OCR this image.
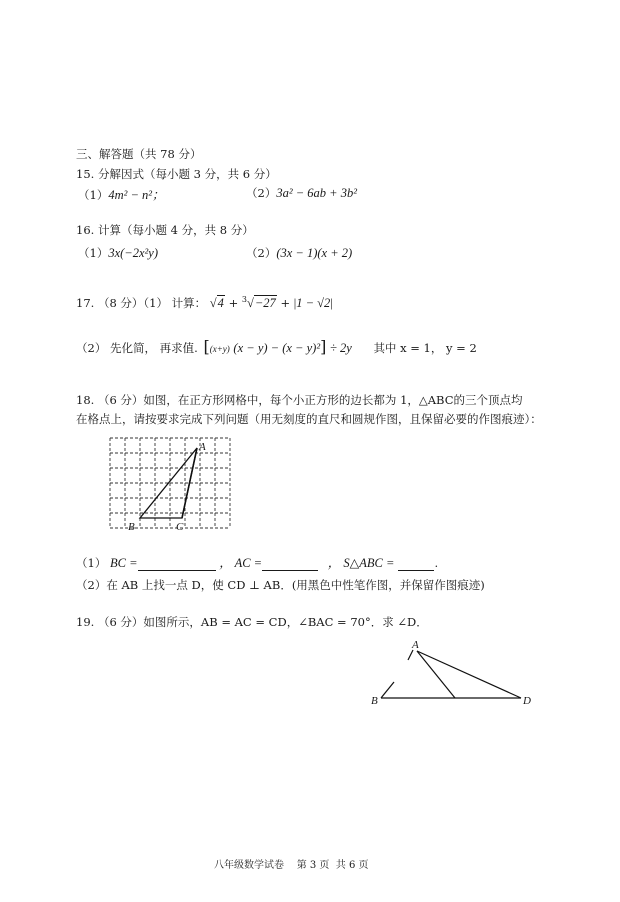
三、解答题（共 78 分）
15. 分解因式（每小题 3 分，共 6 分）
（1）4m² − n²；	（2）3a² − 6ab + 3b²
16. 计算（每小题 4 分，共 8 分）
（1）3x(−2x²y)	（2）(3x − 1)(x + 2)
17. （8 分）（1） 计算： √4 + $^3$√−27 + |1 − √2|
（2） 先化简， 再求值. [(x+y) (x − y) − (x − y)²] ÷ 2y 其中 x = 1， y = 2
18. （6 分）如图，在正方形网格中，每个小正方形的边长都为 1，△ABC的三个顶点均
在格点上，请按要求完成下列问题（用无刻度的直尺和圆规作图，且保留必要的作图痕迹）：
A
B	C
（1） BC =	， AC =	， S△ABC =	.
（2）在 AB 上找一点 D，使 CD ⊥ AB．(用黑色中性笔作图，并保留作图痕迹)
19. （6 分）如图所示，AB = AC = CD，∠BAC = 70°．求 ∠D．
A
B	D
八年级数学试卷    第 3 页  共 6 页
